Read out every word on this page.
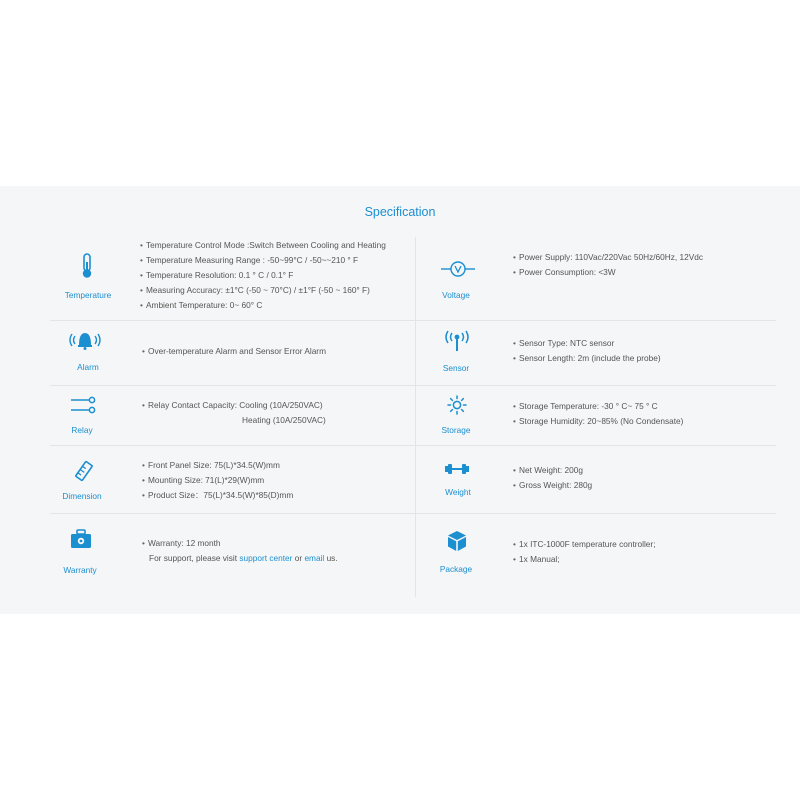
Specification
Temperature
• Temperature Control Mode :Switch Between Cooling and Heating
• Temperature Measuring Range : -50~99°C / -50~~210 ° F
• Temperature Resolution: 0.1 ° C / 0.1° F
• Measuring Accuracy: ±1°C (-50 ~ 70°C) / ±1°F (-50 ~ 160° F)
• Ambient Temperature: 0~ 60° C
Alarm
• Over-temperature Alarm and Sensor Error Alarm
Relay
• Relay Contact Capacity: Cooling (10A/250VAC)
Heating (10A/250VAC)
Dimension
• Front Panel Size: 75(L)*34.5(W)mm
• Mounting Size: 71(L)*29(W)mm
• Product Size：75(L)*34.5(W)*85(D)mm
Warranty
• Warranty: 12 month
For support, please visit support center or email us.
Voltage
• Power Supply: 110Vac/220Vac 50Hz/60Hz, 12Vdc
• Power Consumption: <3W
Sensor
• Sensor Type: NTC sensor
• Sensor Length: 2m (include the probe)
Storage
• Storage Temperature: -30 ° C~ 75 ° C
• Storage Humidity: 20~85% (No Condensate)
Weight
• Net Weight: 200g
• Gross Weight: 280g
Package
• 1x ITC-1000F temperature controller;
• 1x Manual;
